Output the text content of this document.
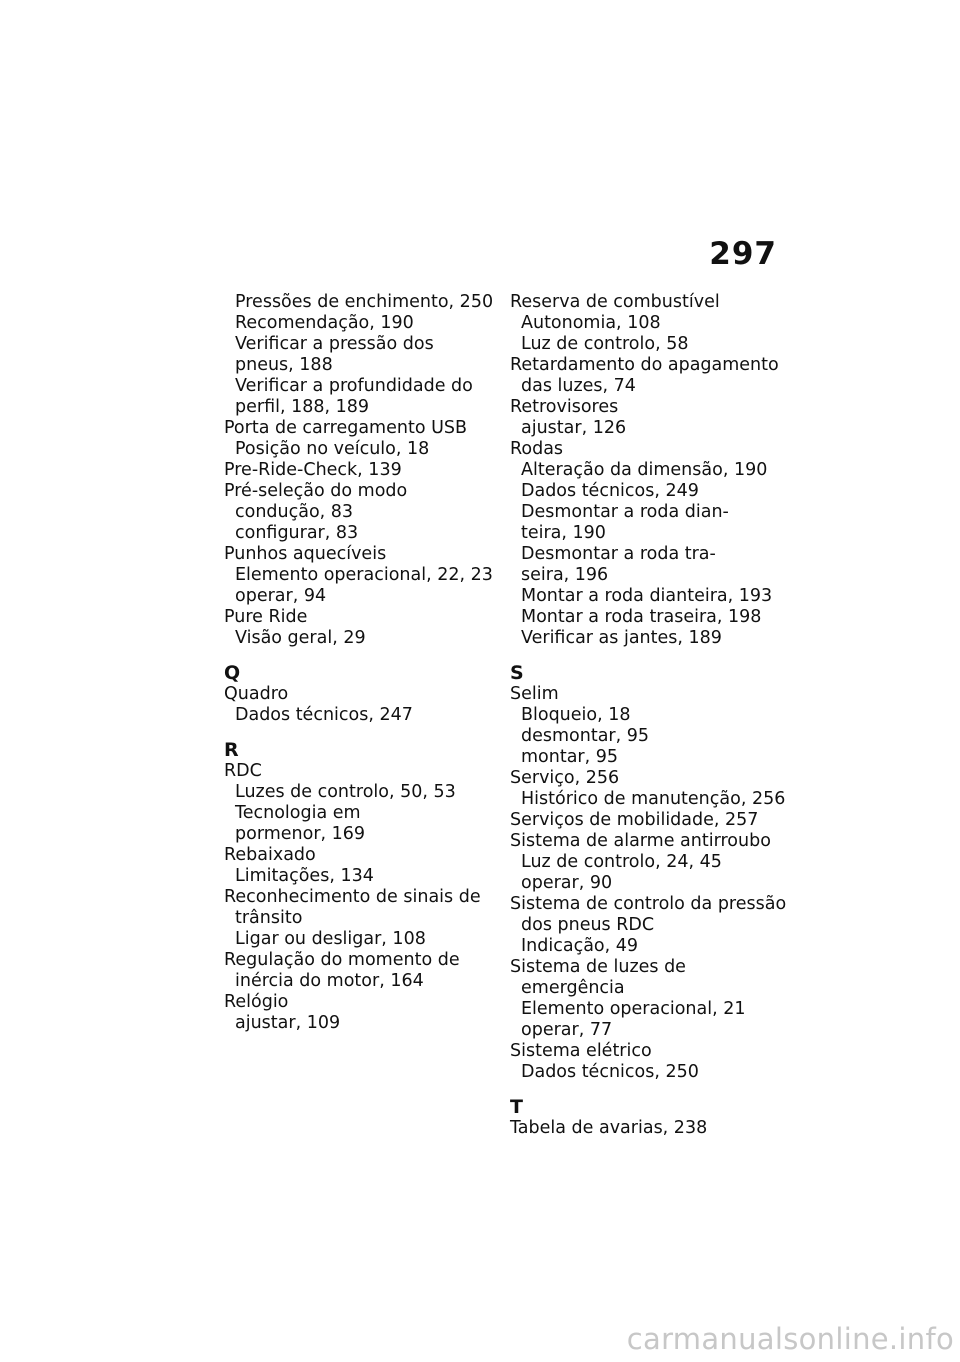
297
Pressões de enchimento, 250
Recomendação, 190
Verificar a pressão dos
pneus, 188
Verificar a profundidade do
perfil, 188, 189
Porta de carregamento USB
Posição no veículo, 18
Pre-Ride-Check, 139
Pré-seleção do modo
condução, 83
configurar, 83
Punhos aquecíveis
Elemento operacional, 22, 23
operar, 94
Pure Ride
Visão geral, 29
Q
Quadro
Dados técnicos, 247
R
RDC
Luzes de controlo, 50, 53
Tecnologia em
pormenor, 169
Rebaixado
Limitações, 134
Reconhecimento de sinais de
trânsito
Ligar ou desligar, 108
Regulação do momento de
inércia do motor, 164
Relógio
ajustar, 109
Reserva de combustível
Autonomia, 108
Luz de controlo, 58
Retardamento do apagamento
das luzes, 74
Retrovisores
ajustar, 126
Rodas
Alteração da dimensão, 190
Dados técnicos, 249
Desmontar a roda dian-
teira, 190
Desmontar a roda tra-
seira, 196
Montar a roda dianteira, 193
Montar a roda traseira, 198
Verificar as jantes, 189
S
Selim
Bloqueio, 18
desmontar, 95
montar, 95
Serviço, 256
Histórico de manutenção, 256
Serviços de mobilidade, 257
Sistema de alarme antirroubo
Luz de controlo, 24, 45
operar, 90
Sistema de controlo da pressão
dos pneus RDC
Indicação, 49
Sistema de luzes de
emergência
Elemento operacional, 21
operar, 77
Sistema elétrico
Dados técnicos, 250
T
Tabela de avarias, 238
carmanualsonline.info
